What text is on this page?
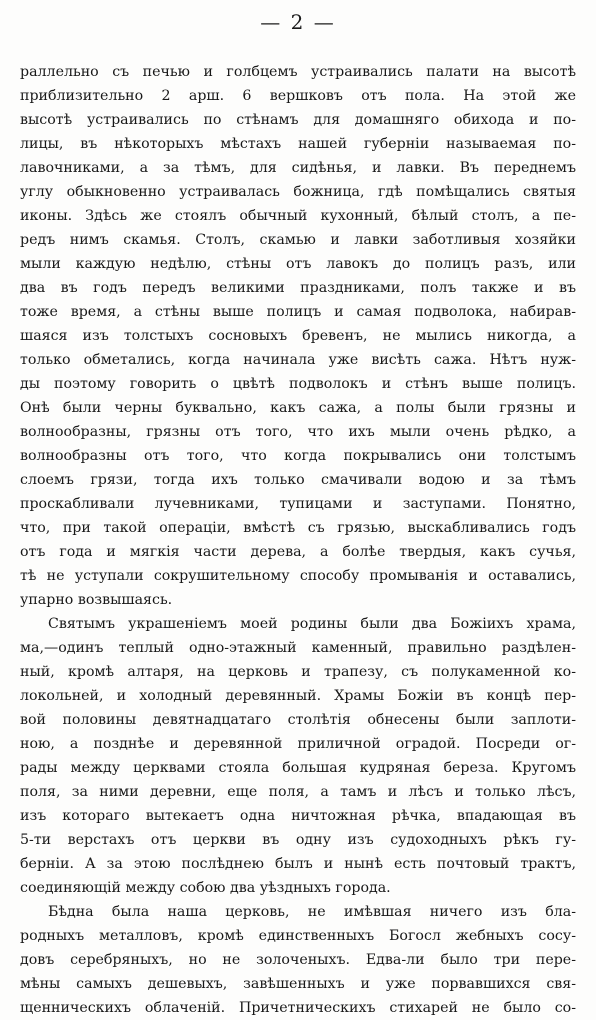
— 2 —
раллельно съ печью и голбцемъ устраивались палати на высотѣ
приблизительно 2 арш. 6 вершковъ отъ пола. На этой же
высотѣ устраивались по стѣнамъ для домашняго обихода и по-
лицы, въ нѣкоторыхъ мѣстахъ нашей губерніи называемая по-
лавочниками, а за тѣмъ, для сидѣнья, и лавки. Въ переднемъ
углу обыкновенно устраивалась божница, гдѣ помѣщались святыя
иконы. Здѣсь же стоялъ обычный кухонный, бѣлый столъ, а пе-
редъ нимъ скамья. Столъ, скамью и лавки заботливыя хозяйки
мыли каждую недѣлю, стѣны отъ лавокъ до полицъ разъ, или
два въ годъ передъ великими праздниками, полъ также и въ
тоже время, а стѣны выше полицъ и самая подволока, набирав-
шаяся изъ толстыхъ сосновыхъ бревенъ, не мылись никогда, а
только обметались, когда начинала уже висѣть сажа. Нѣтъ нуж-
ды поэтому говорить о цвѣтѣ подволокъ и стѣнъ выше полицъ.
Онѣ были черны буквально, какъ сажа, а полы были грязны и
волнообразны, грязны отъ того, что ихъ мыли очень рѣдко, а
волнообразны отъ того, что когда покрывались они толстымъ
слоемъ грязи, тогда ихъ только смачивали водою и за тѣмъ
проскабливали лучевниками, тупицами и заступами. Понятно,
что, при такой операціи, вмѣстѣ съ грязью, выскабливались годъ
отъ года и мягкія части дерева, а болѣе твердыя, какъ сучья,
тѣ не уступали сокрушительному способу промыванія и оставались,
упарно возвышаясь.
Святымъ украшеніемъ моей родины были два Божіихъ храма,
ма,—одинъ теплый одно-этажный каменный, правильно раздѣлен-
ный, кромѣ алтаря, на церковь и трапезу, съ полукаменной ко-
локольней, и холодный деревянный. Храмы Божіи въ концѣ пер-
вой половины девятнадцатаго столѣтія обнесены были заплоти-
ною, а позднѣе и деревянной приличной оградой. Посреди ог-
рады между церквами стояла большая кудряная береза. Кругомъ
поля, за ними деревни, еще поля, а тамъ и лѣсъ и только лѣсъ,
изъ котораго вытекаетъ одна ничтожная рѣчка, впадающая въ
5-ти верстахъ отъ церкви въ одну изъ судоходныхъ рѣкъ гу-
берніи. А за этою послѣднею былъ и нынѣ есть почтовый трактъ,
соединяющій между собою два уѣздныхъ города.
Бѣдна была наша церковь, не имѣвшая ничего изъ бла-
родныхъ металловъ, кромѣ единственныхъ Богосл жебныхъ сосу-
довъ серебряныхъ, но не золоченыхъ. Едва-ли было три пере-
мѣны самыхъ дешевыхъ, завѣшенныхъ и уже порвавшихся свя-
щенническихъ облаченій. Причетническихъ стихарей не было со-
